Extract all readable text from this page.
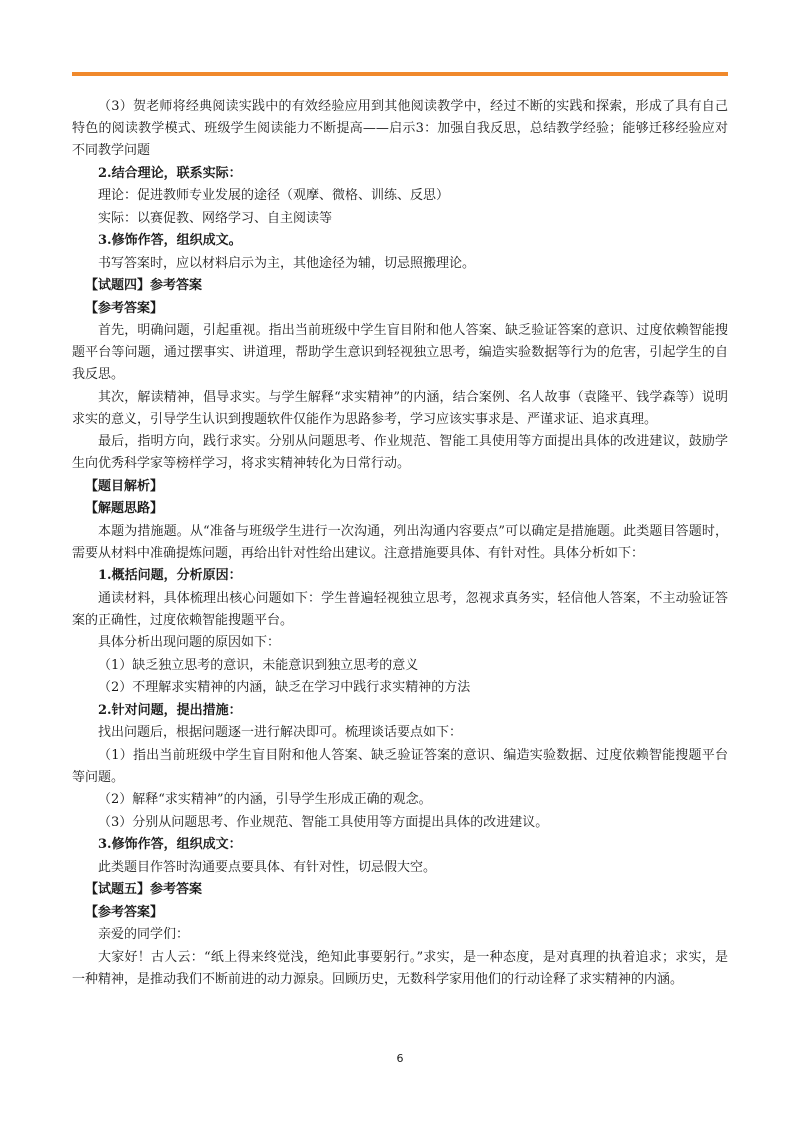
（3）贺老师将经典阅读实践中的有效经验应用到其他阅读教学中，经过不断的实践和探索，形成了具有自己特色的阅读教学模式、班级学生阅读能力不断提高——启示3：加强自我反思，总结教学经验；能够迁移经验应对不同教学问题

2.结合理论，联系实际：

理论：促进教师专业发展的途径（观摩、微格、训练、反思）

实际：以赛促教、网络学习、自主阅读等

3.修饰作答，组织成文。

书写答案时，应以材料启示为主，其他途径为辅，切忌照搬理论。

【试题四】参考答案

【参考答案】

首先，明确问题，引起重视。指出当前班级中学生盲目附和他人答案、缺乏验证答案的意识、过度依赖智能搜题平台等问题，通过摆事实、讲道理，帮助学生意识到轻视独立思考，编造实验数据等行为的危害，引起学生的自我反思。

其次，解读精神，倡导求实。与学生解释“求实精神”的内涵，结合案例、名人故事（袁隆平、钱学森等）说明求实的意义，引导学生认识到搜题软件仅能作为思路参考，学习应该实事求是、严谨求证、追求真理。

最后，指明方向，践行求实。分别从问题思考、作业规范、智能工具使用等方面提出具体的改进建议，鼓励学生向优秀科学家等榜样学习，将求实精神转化为日常行动。

【题目解析】

【解题思路】

本题为措施题。从“准备与班级学生进行一次沟通，列出沟通内容要点”可以确定是措施题。此类题目答题时，需要从材料中准确提炼问题，再给出针对性给出建议。注意措施要具体、有针对性。具体分析如下：

1.概括问题，分析原因：

通读材料，具体梳理出核心问题如下：学生普遍轻视独立思考，忽视求真务实，轻信他人答案，不主动验证答案的正确性，过度依赖智能搜题平台。

具体分析出现问题的原因如下：

（1）缺乏独立思考的意识，未能意识到独立思考的意义

（2）不理解求实精神的内涵，缺乏在学习中践行求实精神的方法

2.针对问题，提出措施：

找出问题后，根据问题逐一进行解决即可。梳理谈话要点如下：

（1）指出当前班级中学生盲目附和他人答案、缺乏验证答案的意识、编造实验数据、过度依赖智能搜题平台等问题。

（2）解释“求实精神”的内涵，引导学生形成正确的观念。

（3）分别从问题思考、作业规范、智能工具使用等方面提出具体的改进建议。

3.修饰作答，组织成文：

此类题目作答时沟通要点要具体、有针对性，切忌假大空。

【试题五】参考答案

【参考答案】

亲爱的同学们：

大家好！古人云：“纸上得来终觉浅，绝知此事要躬行。”求实，是一种态度，是对真理的执着追求；求实，是一种精神，是推动我们不断前进的动力源泉。回顾历史，无数科学家用他们的行动诠释了求实精神的内涵。

6
